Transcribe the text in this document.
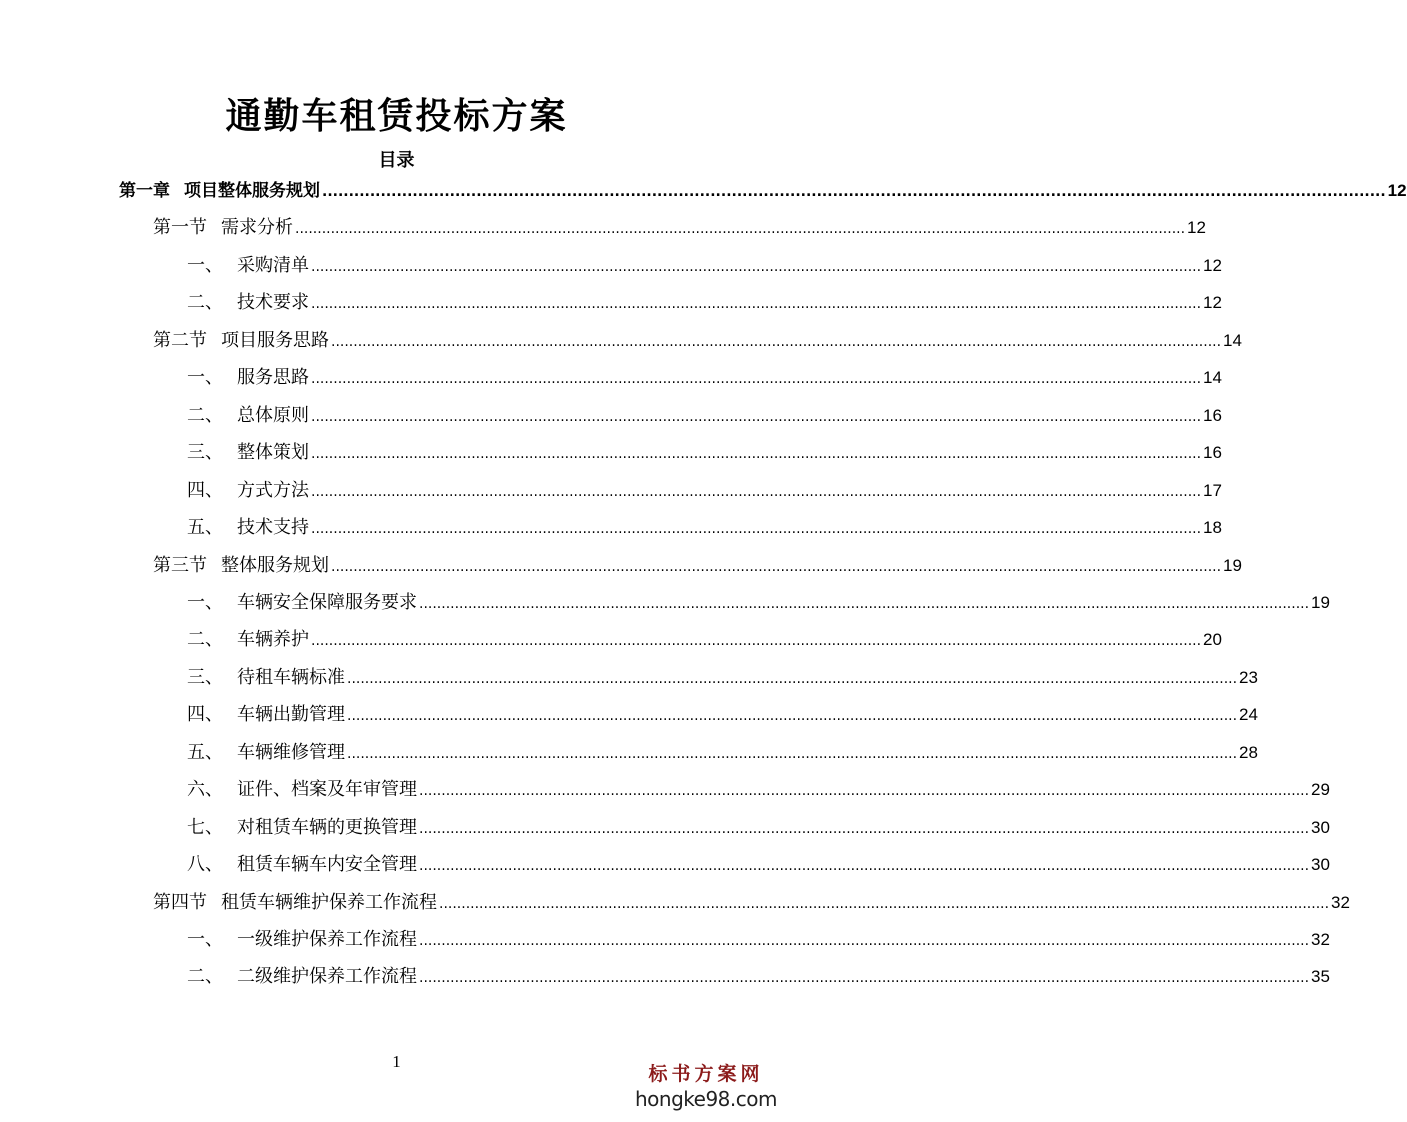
通勤车租赁投标方案
目录
第一章 项目整体服务规划 ........................................................................................................................................................................................................ 12
第一节 需求分析 ........................................................................................................................................................................................................ 12
一、 采购清单 ........................................................................................................................................................................................................ 12
二、 技术要求 ........................................................................................................................................................................................................ 12
第二节 项目服务思路 ........................................................................................................................................................................................................ 14
一、 服务思路 ........................................................................................................................................................................................................ 14
二、 总体原则 ........................................................................................................................................................................................................ 16
三、 整体策划 ........................................................................................................................................................................................................ 16
四、 方式方法 ........................................................................................................................................................................................................ 17
五、 技术支持 ........................................................................................................................................................................................................ 18
第三节 整体服务规划 ........................................................................................................................................................................................................ 19
一、 车辆安全保障服务要求 ........................................................................................................................................................................................................ 19
二、 车辆养护 ........................................................................................................................................................................................................ 20
三、 待租车辆标准 ........................................................................................................................................................................................................ 23
四、 车辆出勤管理 ........................................................................................................................................................................................................ 24
五、 车辆维修管理 ........................................................................................................................................................................................................ 28
六、 证件、档案及年审管理 ........................................................................................................................................................................................................ 29
七、 对租赁车辆的更换管理 ........................................................................................................................................................................................................ 30
八、 租赁车辆车内安全管理 ........................................................................................................................................................................................................ 30
第四节 租赁车辆维护保养工作流程 ........................................................................................................................................................................................................ 32
一、 一级维护保养工作流程 ........................................................................................................................................................................................................ 32
二、 二级维护保养工作流程 ........................................................................................................................................................................................................ 35
1
标书方案网
hongke98.com
